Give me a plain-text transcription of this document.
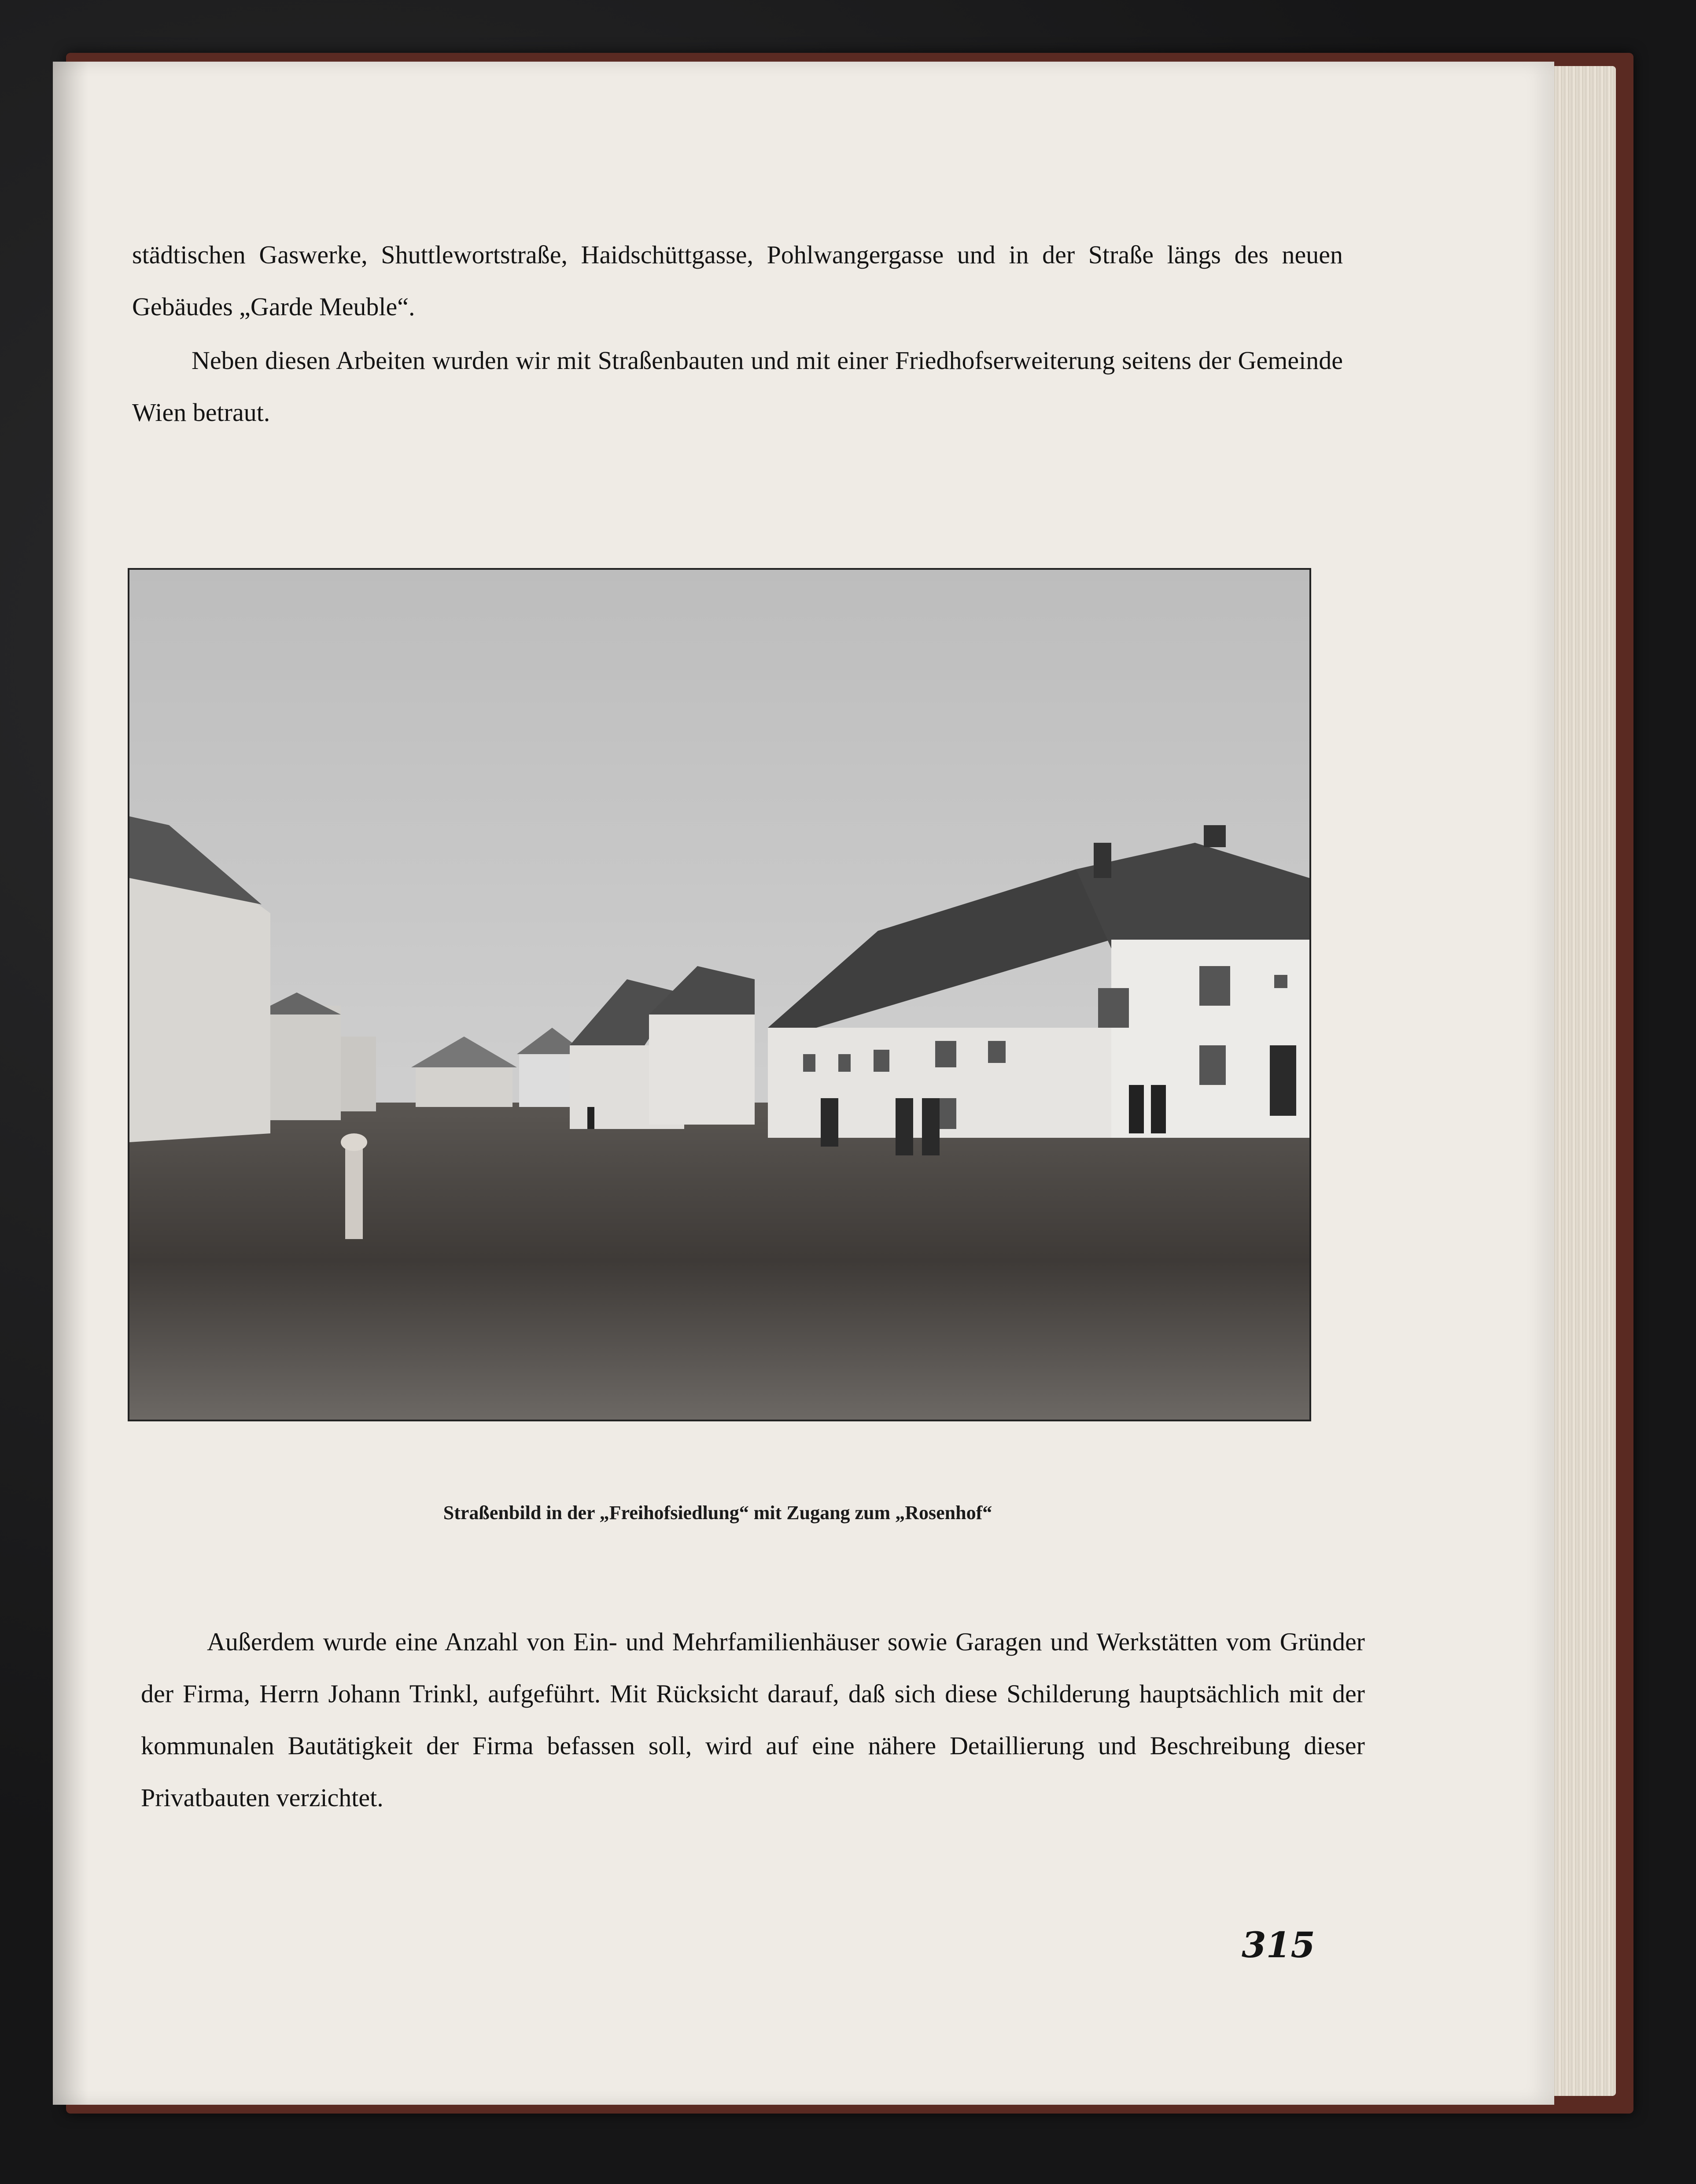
städtischen Gaswerke, Shuttlewortstraße, Haidschüttgasse, Pohlwangergasse und in der Straße längs des neuen Gebäudes „Garde Meuble“.

Neben diesen Arbeiten wurden wir mit Straßenbauten und mit einer Friedhofserweiterung seitens der Gemeinde Wien betraut.

Straßenbild in der „Freihofsiedlung“ mit Zugang zum „Rosenhof“

Außerdem wurde eine Anzahl von Ein- und Mehrfamilienhäuser sowie Garagen und Werkstätten vom Gründer der Firma, Herrn Johann Trinkl, aufgeführt. Mit Rücksicht darauf, daß sich diese Schilderung hauptsächlich mit der kommunalen Bautätigkeit der Firma befassen soll, wird auf eine nähere Detaillierung und Beschreibung dieser Privatbauten verzichtet.

315
